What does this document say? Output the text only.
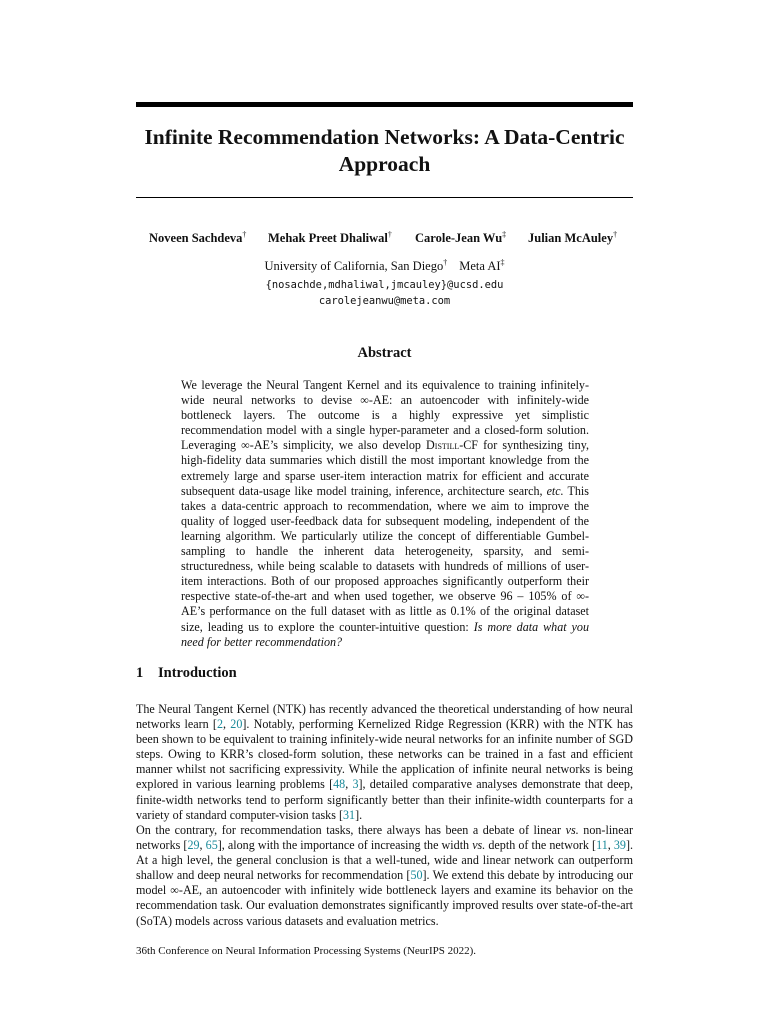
Infinite Recommendation Networks: A Data-Centric Approach
Noveen Sachdeva† Mehak Preet Dhaliwal† Carole-Jean Wu‡ Julian McAuley†
University of California, San Diego† Meta AI‡
{nosachde,mdhaliwal,jmcauley}@ucsd.edu
carolejeanwu@meta.com
Abstract
We leverage the Neural Tangent Kernel and its equivalence to training infinitely-wide neural networks to devise ∞-AE: an autoencoder with infinitely-wide bottleneck layers. The outcome is a highly expressive yet simplistic recommendation model with a single hyper-parameter and a closed-form solution. Leveraging ∞-AE’s simplicity, we also develop Distill-CF for synthesizing tiny, high-fidelity data summaries which distill the most important knowledge from the extremely large and sparse user-item interaction matrix for efficient and accurate subsequent data-usage like model training, inference, architecture search, etc. This takes a data-centric approach to recommendation, where we aim to improve the quality of logged user-feedback data for subsequent modeling, independent of the learning algorithm. We particularly utilize the concept of differentiable Gumbel-sampling to handle the inherent data heterogeneity, sparsity, and semi-structuredness, while being scalable to datasets with hundreds of millions of user-item interactions. Both of our proposed approaches significantly outperform their respective state-of-the-art and when used together, we observe 96 – 105% of ∞-AE’s performance on the full dataset with as little as 0.1% of the original dataset size, leading us to explore the counter-intuitive question: Is more data what you need for better recommendation?
1 Introduction
The Neural Tangent Kernel (NTK) has recently advanced the theoretical understanding of how neural networks learn [2, 20]. Notably, performing Kernelized Ridge Regression (KRR) with the NTK has been shown to be equivalent to training infinitely-wide neural networks for an infinite number of SGD steps. Owing to KRR’s closed-form solution, these networks can be trained in a fast and efficient manner whilst not sacrificing expressivity. While the application of infinite neural networks is being explored in various learning problems [48, 3], detailed comparative analyses demonstrate that deep, finite-width networks tend to perform significantly better than their infinite-width counterparts for a variety of standard computer-vision tasks [31].
On the contrary, for recommendation tasks, there always has been a debate of linear vs. non-linear networks [29, 65], along with the importance of increasing the width vs. depth of the network [11, 39]. At a high level, the general conclusion is that a well-tuned, wide and linear network can outperform shallow and deep neural networks for recommendation [50]. We extend this debate by introducing our model ∞-AE, an autoencoder with infinitely wide bottleneck layers and examine its behavior on the recommendation task. Our evaluation demonstrates significantly improved results over state-of-the-art (SoTA) models across various datasets and evaluation metrics.
36th Conference on Neural Information Processing Systems (NeurIPS 2022).
